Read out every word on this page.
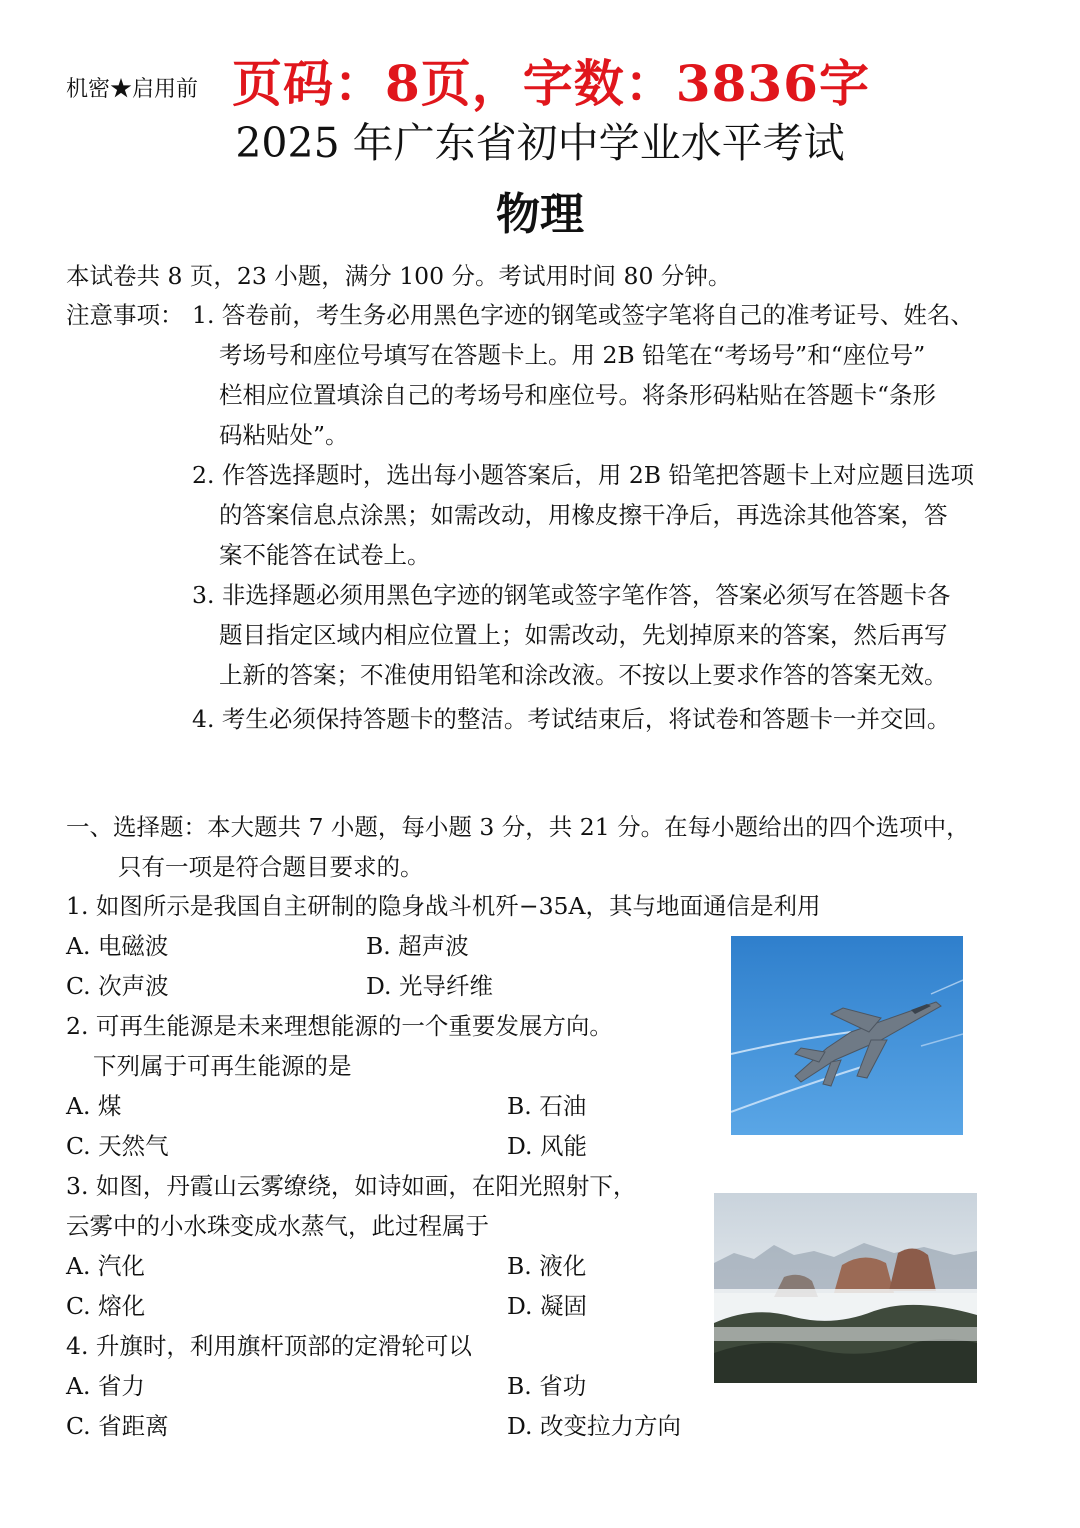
机密★启用前 页码：8页，字数：3836字
2025 年广东省初中学业水平考试
物理
本试卷共 8 页，23 小题，满分 100 分。考试用时间 80 分钟。
注意事项： 1. 答卷前，考生务必用黑色字迹的钢笔或签字笔将自己的准考证号、姓名、
考场号和座位号填写在答题卡上。用 2B 铅笔在“考场号”和“座位号”
栏相应位置填涂自己的考场号和座位号。将条形码粘贴在答题卡“条形
码粘贴处”。
2. 作答选择题时，选出每小题答案后，用 2B 铅笔把答题卡上对应题目选项
的答案信息点涂黑；如需改动，用橡皮擦干净后，再选涂其他答案，答
案不能答在试卷上。
3. 非选择题必须用黑色字迹的钢笔或签字笔作答，答案必须写在答题卡各
题目指定区域内相应位置上；如需改动，先划掉原来的答案，然后再写
上新的答案；不准使用铅笔和涂改液。不按以上要求作答的答案无效。
4. 考生必须保持答题卡的整洁。考试结束后，将试卷和答题卡一并交回。
一、选择题：本大题共 7 小题，每小题 3 分，共 21 分。在每小题给出的四个选项中，
只有一项是符合题目要求的。
1. 如图所示是我国自主研制的隐身战斗机歼−35A，其与地面通信是利用
A. 电磁波	B. 超声波
C. 次声波	D. 光导纤维
2. 可再生能源是未来理想能源的一个重要发展方向。
下列属于可再生能源的是
A. 煤	B. 石油
C. 天然气	D. 风能
3. 如图，丹霞山云雾缭绕，如诗如画，在阳光照射下，
云雾中的小水珠变成水蒸气，此过程属于
A. 汽化	B. 液化
C. 熔化	D. 凝固
4. 升旗时，利用旗杆顶部的定滑轮可以
A. 省力	B. 省功
C. 省距离	D. 改变拉力方向
